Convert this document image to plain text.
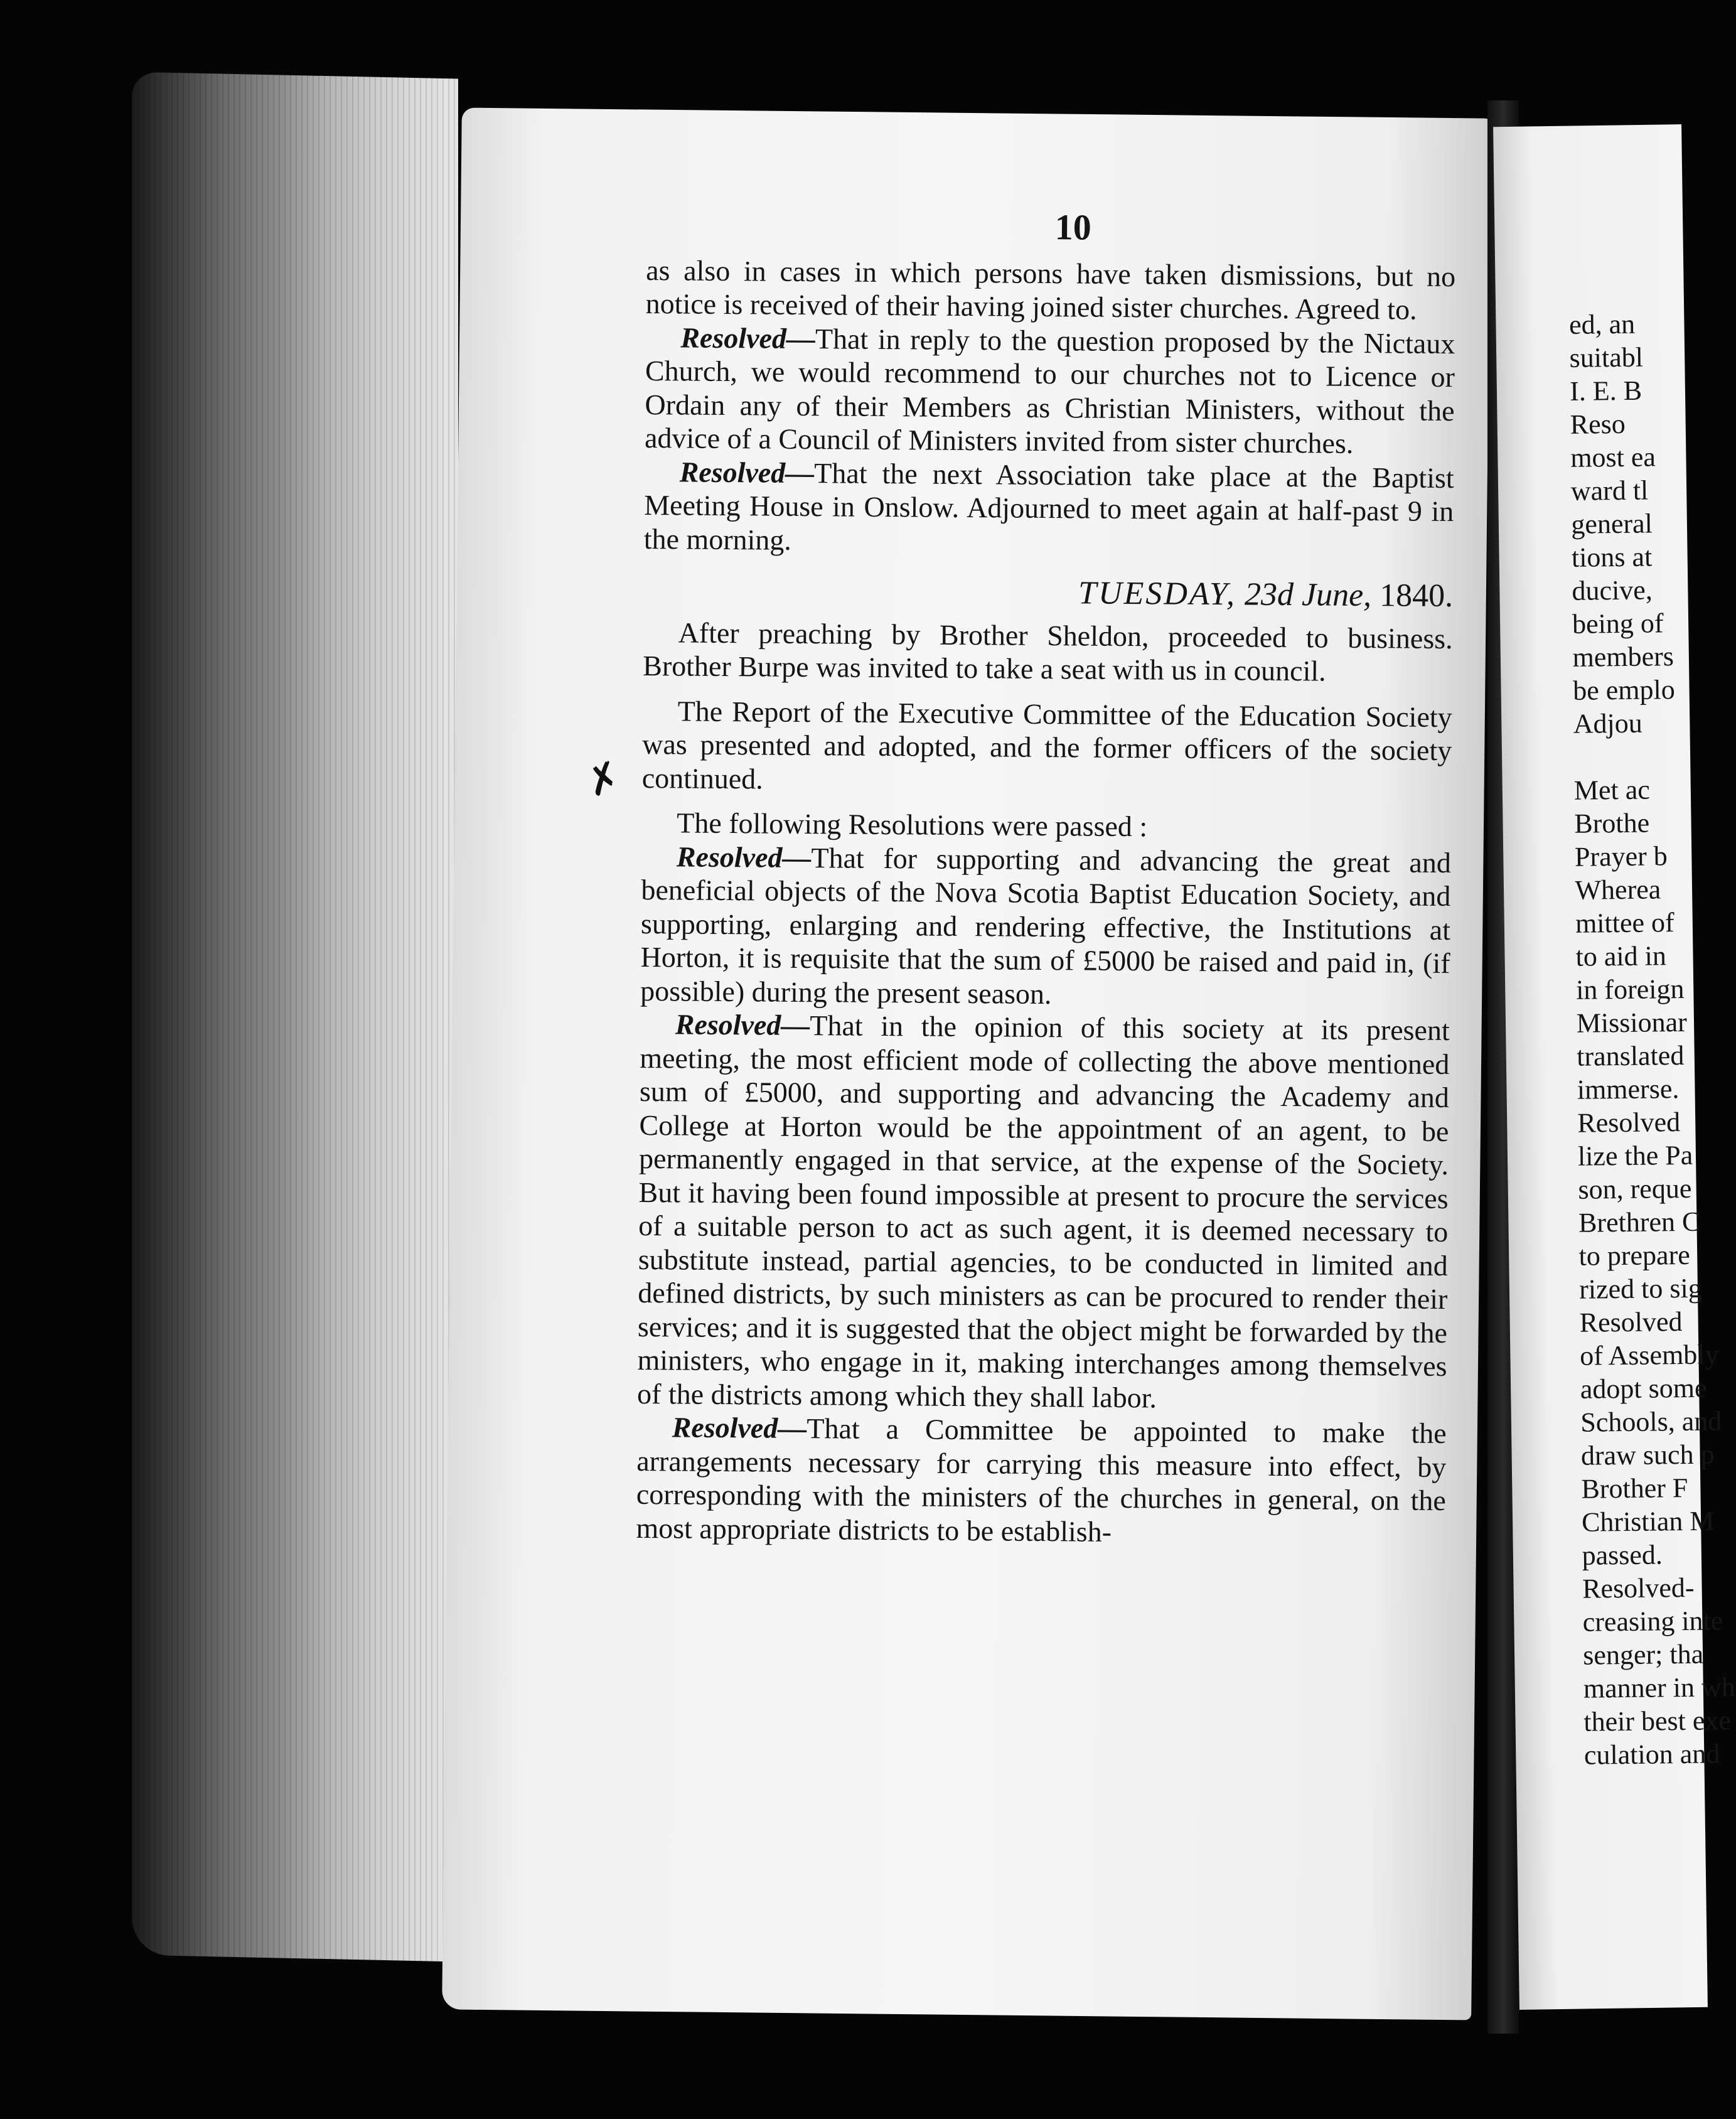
✗
10

as also in cases in which persons have taken dismissions, but no notice is received of their having joined sister churches. Agreed to.

Resolved—That in reply to the question proposed by the Nictaux Church, we would recommend to our churches not to Licence or Ordain any of their Members as Christian Ministers, without the advice of a Council of Ministers invited from sister churches.

Resolved—That the next Association take place at the Baptist Meeting House in Onslow. Adjourned to meet again at half-past 9 in the morning.

TUESDAY, 23d June, 1840.

After preaching by Brother Sheldon, proceeded to business. Brother Burpe was invited to take a seat with us in council.

The Report of the Executive Committee of the Education Society was presented and adopted, and the former officers of the society continued.

The following Resolutions were passed :

Resolved—That for supporting and advancing the great and beneficial objects of the Nova Scotia Baptist Education Society, and supporting, enlarging and rendering effective, the Institutions at Horton, it is requisite that the sum of £5000 be raised and paid in, (if possible) during the present season.

Resolved—That in the opinion of this society at its present meeting, the most efficient mode of collecting the above mentioned sum of £5000, and supporting and advancing the Academy and College at Horton would be the appointment of an agent, to be permanently engaged in that service, at the expense of the Society. But it having been found impossible at present to procure the services of a suitable person to act as such agent, it is deemed necessary to substitute instead, partial agencies, to be conducted in limited and defined districts, by such ministers as can be procured to render their services; and it is suggested that the object might be forwarded by the ministers, who engage in it, making interchanges among themselves of the districts among which they shall labor.

Resolved—That a Committee be appointed to make the arrangements necessary for carrying this measure into effect, by corresponding with the ministers of the churches in general, on the most appropriate districts to be establish-

ed, an
suitabl
I. E. B
Reso
most ea
ward tl
general
tions at
ducive,
being of
members
be emplo
Adjou
Met ac
Brothe
Prayer b
Wherea
mittee of
to aid in
in foreign
Missionar
translated
immerse.
Resolved
lize the Pa
son, reque
Brethren C
to prepare
rized to sig
Resolved
of Assembly
adopt some
Schools, and
draw such p
Brother F
Christian M
passed.
Resolved-
creasing inte
senger; tha
manner in wh
their best exe
culation and
